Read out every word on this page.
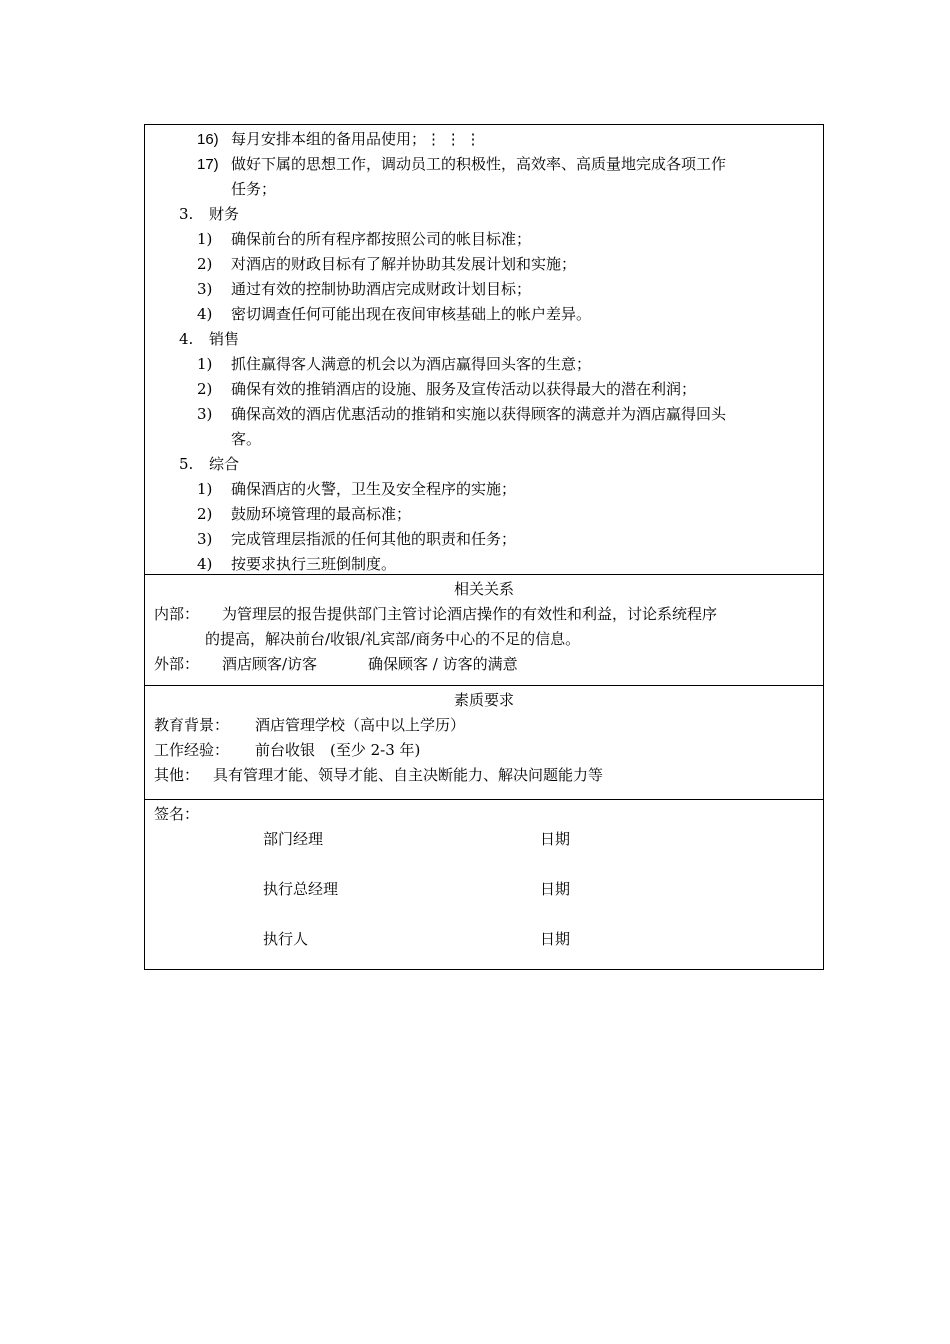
16) 每月安排本组的备用品使用；⋮ ⋮ ⋮
17) 做好下属的思想工作，调动员工的积极性，高效率、高质量地完成各项工作
任务；
3. 财务
1) 确保前台的所有程序都按照公司的帐目标准；
2) 对酒店的财政目标有了解并协助其发展计划和实施；
3) 通过有效的控制协助酒店完成财政计划目标；
4) 密切调查任何可能出现在夜间审核基础上的帐户差异。
4. 销售
1) 抓住赢得客人满意的机会以为酒店赢得回头客的生意；
2) 确保有效的推销酒店的设施、服务及宣传活动以获得最大的潜在利润；
3) 确保高效的酒店优惠活动的推销和实施以获得顾客的满意并为酒店赢得回头
客。
5. 综合
1) 确保酒店的火警，卫生及安全程序的实施；
2) 鼓励环境管理的最高标准；
3) 完成管理层指派的任何其他的职责和任务；
4) 按要求执行三班倒制度。
相关关系
内部： 为管理层的报告提供部门主管讨论酒店操作的有效性和利益，讨论系统程序
的提高，解决前台/收银/礼宾部/商务中心的不足的信息。
外部： 酒店顾客/访客	确保顾客 / 访客的满意
素质要求
教育背景： 酒店管理学校（高中以上学历）
工作经验： 前台收银　(至少 2-3 年)
其他： 具有管理才能、领导才能、自主决断能力、解决问题能力等
签名：
部门经理	日期
执行总经理	日期
执行人	日期
